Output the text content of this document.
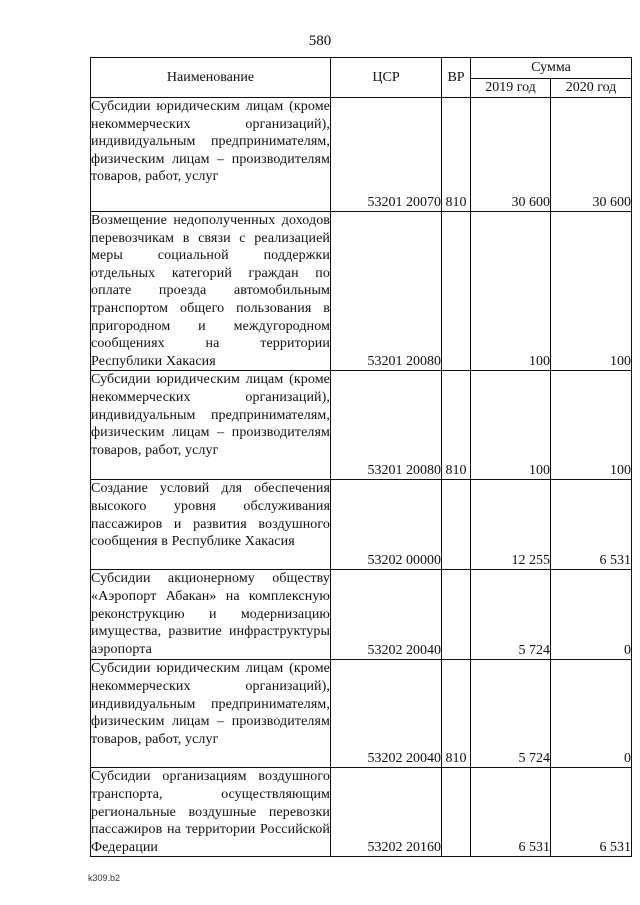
580
Наименование	ЦСР	ВР	Сумма	
			2019 год	2020 год
Субсидии юридическим лицам (кроме некоммерческих организаций), индивидуальным предпринимателям, физическим лицам – производителям товаров, работ, услуг	53201 20070	810	30 600	30 600
Возмещение недополученных доходов перевозчикам в связи с реализацией меры социальной поддержки отдельных категорий граждан по оплате проезда автомобильным транспортом общего пользования в пригородном и междугородном сообщениях на территории Республики Хакасия	53201 20080		100	100
Субсидии юридическим лицам (кроме некоммерческих организаций), индивидуальным предпринимателям, физическим лицам – производителям товаров, работ, услуг	53201 20080	810	100	100
Создание условий для обеспечения высокого уровня обслуживания пассажиров и развития воздушного сообщения в Республике Хакасия	53202 00000		12 255	6 531
Субсидии акционерному обществу «Аэропорт Абакан» на комплексную реконструкцию и модернизацию имущества, развитие инфраструктуры аэропорта	53202 20040		5 724	0
Субсидии юридическим лицам (кроме некоммерческих организаций), индивидуальным предпринимателям, физическим лицам – производителям товаров, работ, услуг	53202 20040	810	5 724	0
Субсидии организациям воздушного транспорта, осуществляющим региональные воздушные перевозки пассажиров на территории Российской Федерации	53202 20160		6 531	6 531
k309.b2
